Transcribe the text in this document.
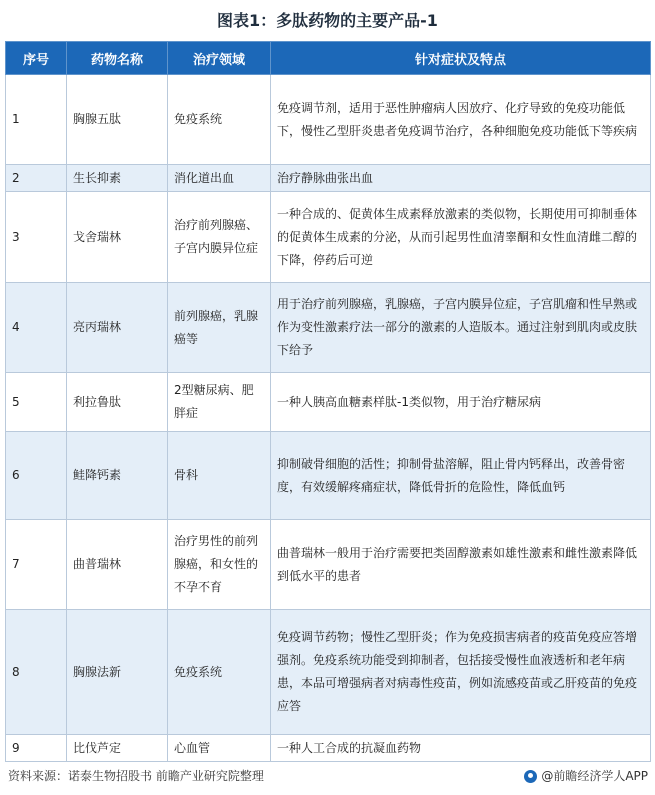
图表1：多肽药物的主要产品-1
序号	药物名称	治疗领域	针对症状及特点
1	胸腺五肽	免疫系统	免疫调节剂，适用于恶性肿瘤病人因放疗、化疗导致的免疫功能低下，慢性乙型肝炎患者免疫调节治疗，各种细胞免疫功能低下等疾病
2	生长抑素	消化道出血	治疗静脉曲张出血
3	戈舍瑞林	治疗前列腺癌、子宫内膜异位症	一种合成的、促黄体生成素释放激素的类似物，长期使用可抑制垂体的促黄体生成素的分泌，从而引起男性血清睾酮和女性血清雌二醇的下降，停药后可逆
4	亮丙瑞林	前列腺癌，乳腺癌等	用于治疗前列腺癌，乳腺癌，子宫内膜异位症，子宫肌瘤和性早熟或作为变性激素疗法一部分的激素的人造版本。通过注射到肌肉或皮肤下给予
5	利拉鲁肽	2型糖尿病、肥胖症	一种人胰高血糖素样肽-1类似物，用于治疗糖尿病
6	鲑降钙素	骨科	抑制破骨细胞的活性；抑制骨盐溶解，阻止骨内钙释出，改善骨密度，有效缓解疼痛症状，降低骨折的危险性，降低血钙
7	曲普瑞林	治疗男性的前列腺癌，和女性的不孕不育	曲普瑞林一般用于治疗需要把类固醇激素如雄性激素和雌性激素降低到低水平的患者
8	胸腺法新	免疫系统	免疫调节药物；慢性乙型肝炎；作为免疫损害病者的疫苗免疫应答增强剂。免疫系统功能受到抑制者，包括接受慢性血液透析和老年病患，本品可增强病者对病毒性疫苗，例如流感疫苗或乙肝疫苗的免疫应答
9	比伐芦定	心血管	一种人工合成的抗凝血药物
资料来源：诺泰生物招股书 前瞻产业研究院整理	@前瞻经济学人APP
